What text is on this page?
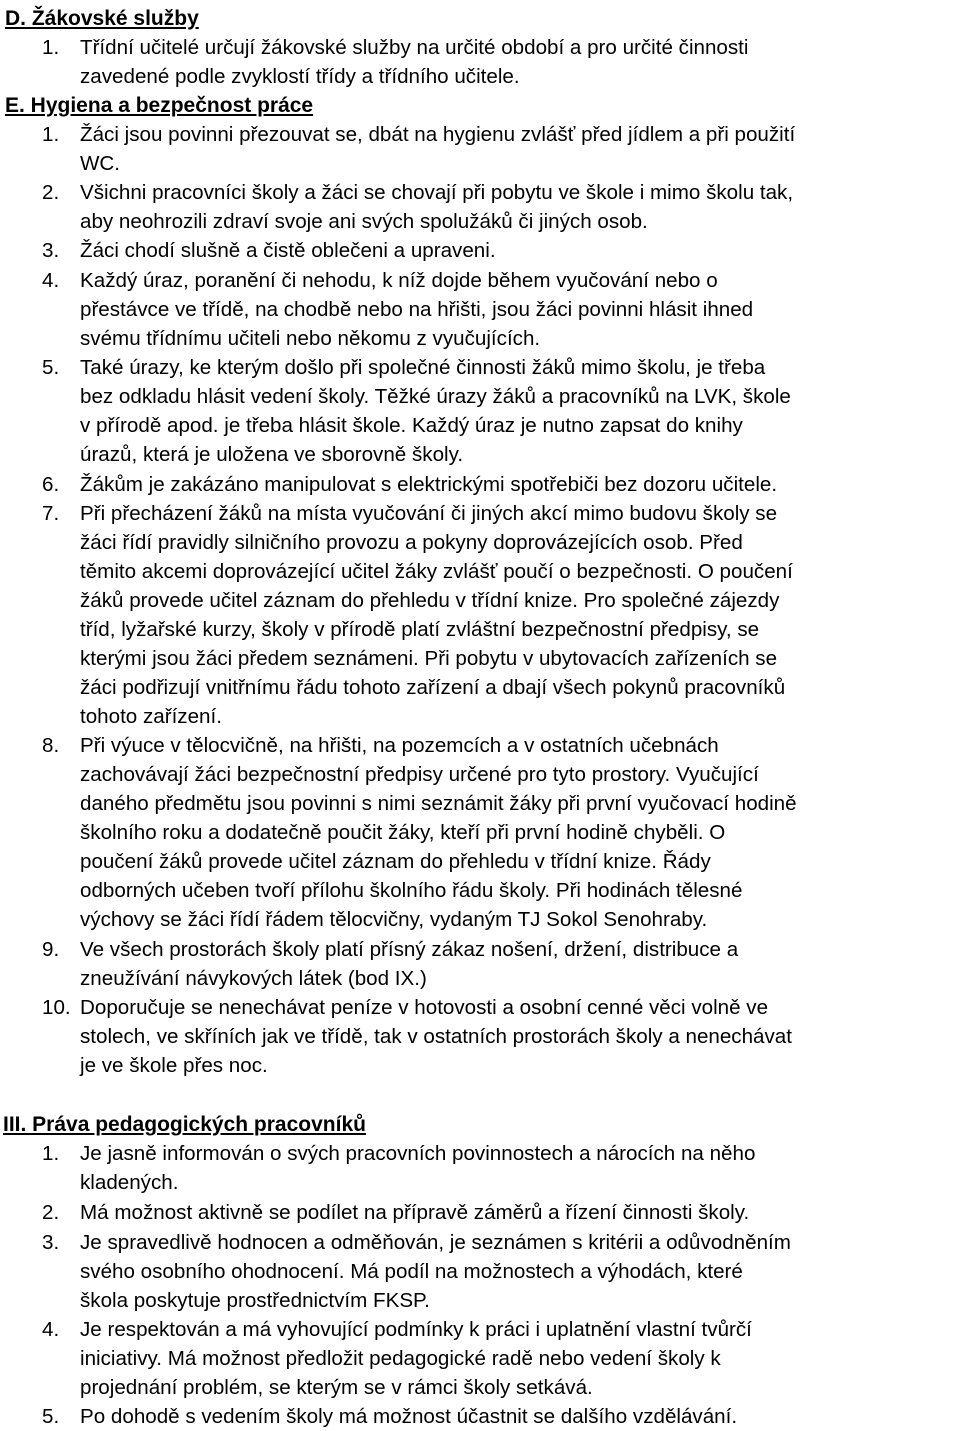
D. Žákovské služby
1. Třídní učitelé určují žákovské služby na určité období a pro určité činnosti
zavedené podle zvyklostí třídy a třídního učitele.
E. Hygiena a bezpečnost práce
1. Žáci jsou povinni přezouvat se, dbát na hygienu zvlášť před jídlem a při použití
WC.
2. Všichni pracovníci školy a žáci se chovají při pobytu ve škole i mimo školu tak,
aby neohrozili zdraví svoje ani svých spolužáků či jiných osob.
3. Žáci chodí slušně a čistě oblečeni a upraveni.
4. Každý úraz, poranění či nehodu, k níž dojde během vyučování nebo o
přestávce ve třídě, na chodbě nebo na hřišti, jsou žáci povinni hlásit ihned
svému třídnímu učiteli nebo někomu z vyučujících.
5. Také úrazy, ke kterým došlo při společné činnosti žáků mimo školu, je třeba
bez odkladu hlásit vedení školy. Těžké úrazy žáků a pracovníků na LVK, škole
v přírodě apod. je třeba hlásit škole. Každý úraz je nutno zapsat do knihy
úrazů, která je uložena ve sborovně školy.
6. Žákům je zakázáno manipulovat s elektrickými spotřebiči bez dozoru učitele.
7. Při přecházení žáků na místa vyučování či jiných akcí mimo budovu školy se
žáci řídí pravidly silničního provozu a pokyny doprovázejících osob. Před
těmito akcemi doprovázející učitel žáky zvlášť poučí o bezpečnosti. O poučení
žáků provede učitel záznam do přehledu v třídní knize. Pro společné zájezdy
tříd, lyžařské kurzy, školy v přírodě platí zvláštní bezpečnostní předpisy, se
kterými jsou žáci předem seznámeni. Při pobytu v ubytovacích zařízeních se
žáci podřizují vnitřnímu řádu tohoto zařízení a dbají všech pokynů pracovníků
tohoto zařízení.
8. Při výuce v tělocvičně, na hřišti, na pozemcích a v ostatních učebnách
zachovávají žáci bezpečnostní předpisy určené pro tyto prostory. Vyučující
daného předmětu jsou povinni s nimi seznámit žáky při první vyučovací hodině
školního roku a dodatečně poučit žáky, kteří při první hodině chyběli. O
poučení žáků provede učitel záznam do přehledu v třídní knize. Řády
odborných učeben tvoří přílohu školního řádu školy. Při hodinách tělesné
výchovy se žáci řídí řádem tělocvičny, vydaným TJ Sokol Senohraby.
9. Ve všech prostorách školy platí přísný zákaz nošení, držení, distribuce a
zneužívání návykových látek (bod IX.)
10. Doporučuje se nenechávat peníze v hotovosti a osobní cenné věci volně ve
stolech, ve skříních jak ve třídě, tak v ostatních prostorách školy a nenechávat
je ve škole přes noc.
III. Práva pedagogických pracovníků
1. Je jasně informován o svých pracovních povinnostech a nárocích na něho
kladených.
2. Má možnost aktivně se podílet na přípravě záměrů a řízení činnosti školy.
3. Je spravedlivě hodnocen a odměňován, je seznámen s kritérii a odůvodněním
svého osobního ohodnocení. Má podíl na možnostech a výhodách, které
škola poskytuje prostřednictvím FKSP.
4. Je respektován a má vyhovující podmínky k práci i uplatnění vlastní tvůrčí
iniciativy. Má možnost předložit pedagogické radě nebo vedení školy k
projednání problém, se kterým se v rámci školy setkává.
5. Po dohodě s vedením školy má možnost účastnit se dalšího vzdělávání.
